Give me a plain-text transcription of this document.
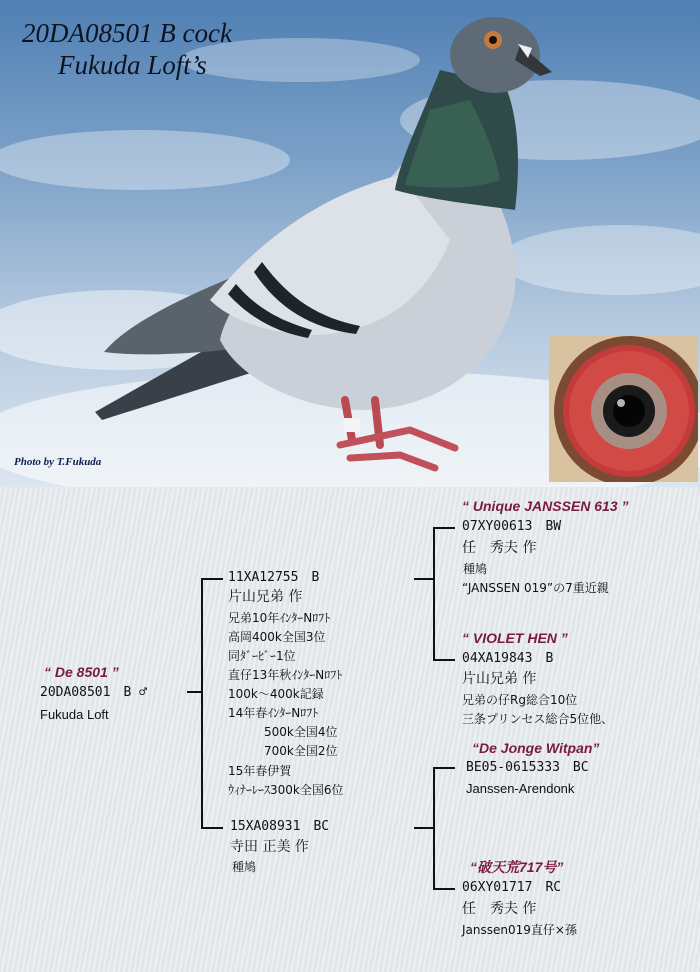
20DA08501 B cock
Fukuda Loft’s
Photo by T.Fukuda
“ De 8501 ”
20DA08501　B ♂
Fukuda Loft
11XA12755　B
片山兄弟 作
兄弟10年ｲﾝﾀｰNﾛﾌﾄ
高岡400k全国3位
同ﾀﾞｰﾋﾞｰ1位
直仔13年秋ｲﾝﾀｰNﾛﾌﾄ
100k～400k記録
14年春ｲﾝﾀｰNﾛﾌﾄ
500k全国4位
700k全国2位
15年春伊賀
ｳｨﾅｰﾚｰｽ300k全国6位
15XA08931　BC
寺田 正美 作
種鳩
“ Unique JANSSEN 613 ”
07XY00613　BW
任　秀夫 作
種鳩
“JANSSEN 019”の7重近親
“ VIOLET HEN ”
04XA19843　B
片山兄弟 作
兄弟の仔Rg総合10位
三条プリンセス総合5位他、
“De Jonge Witpan”
BE05-0615333　BC
Janssen-Arendonk
“破天荒717号”
06XY01717　RC
任　秀夫 作
Janssen019直仔×孫
